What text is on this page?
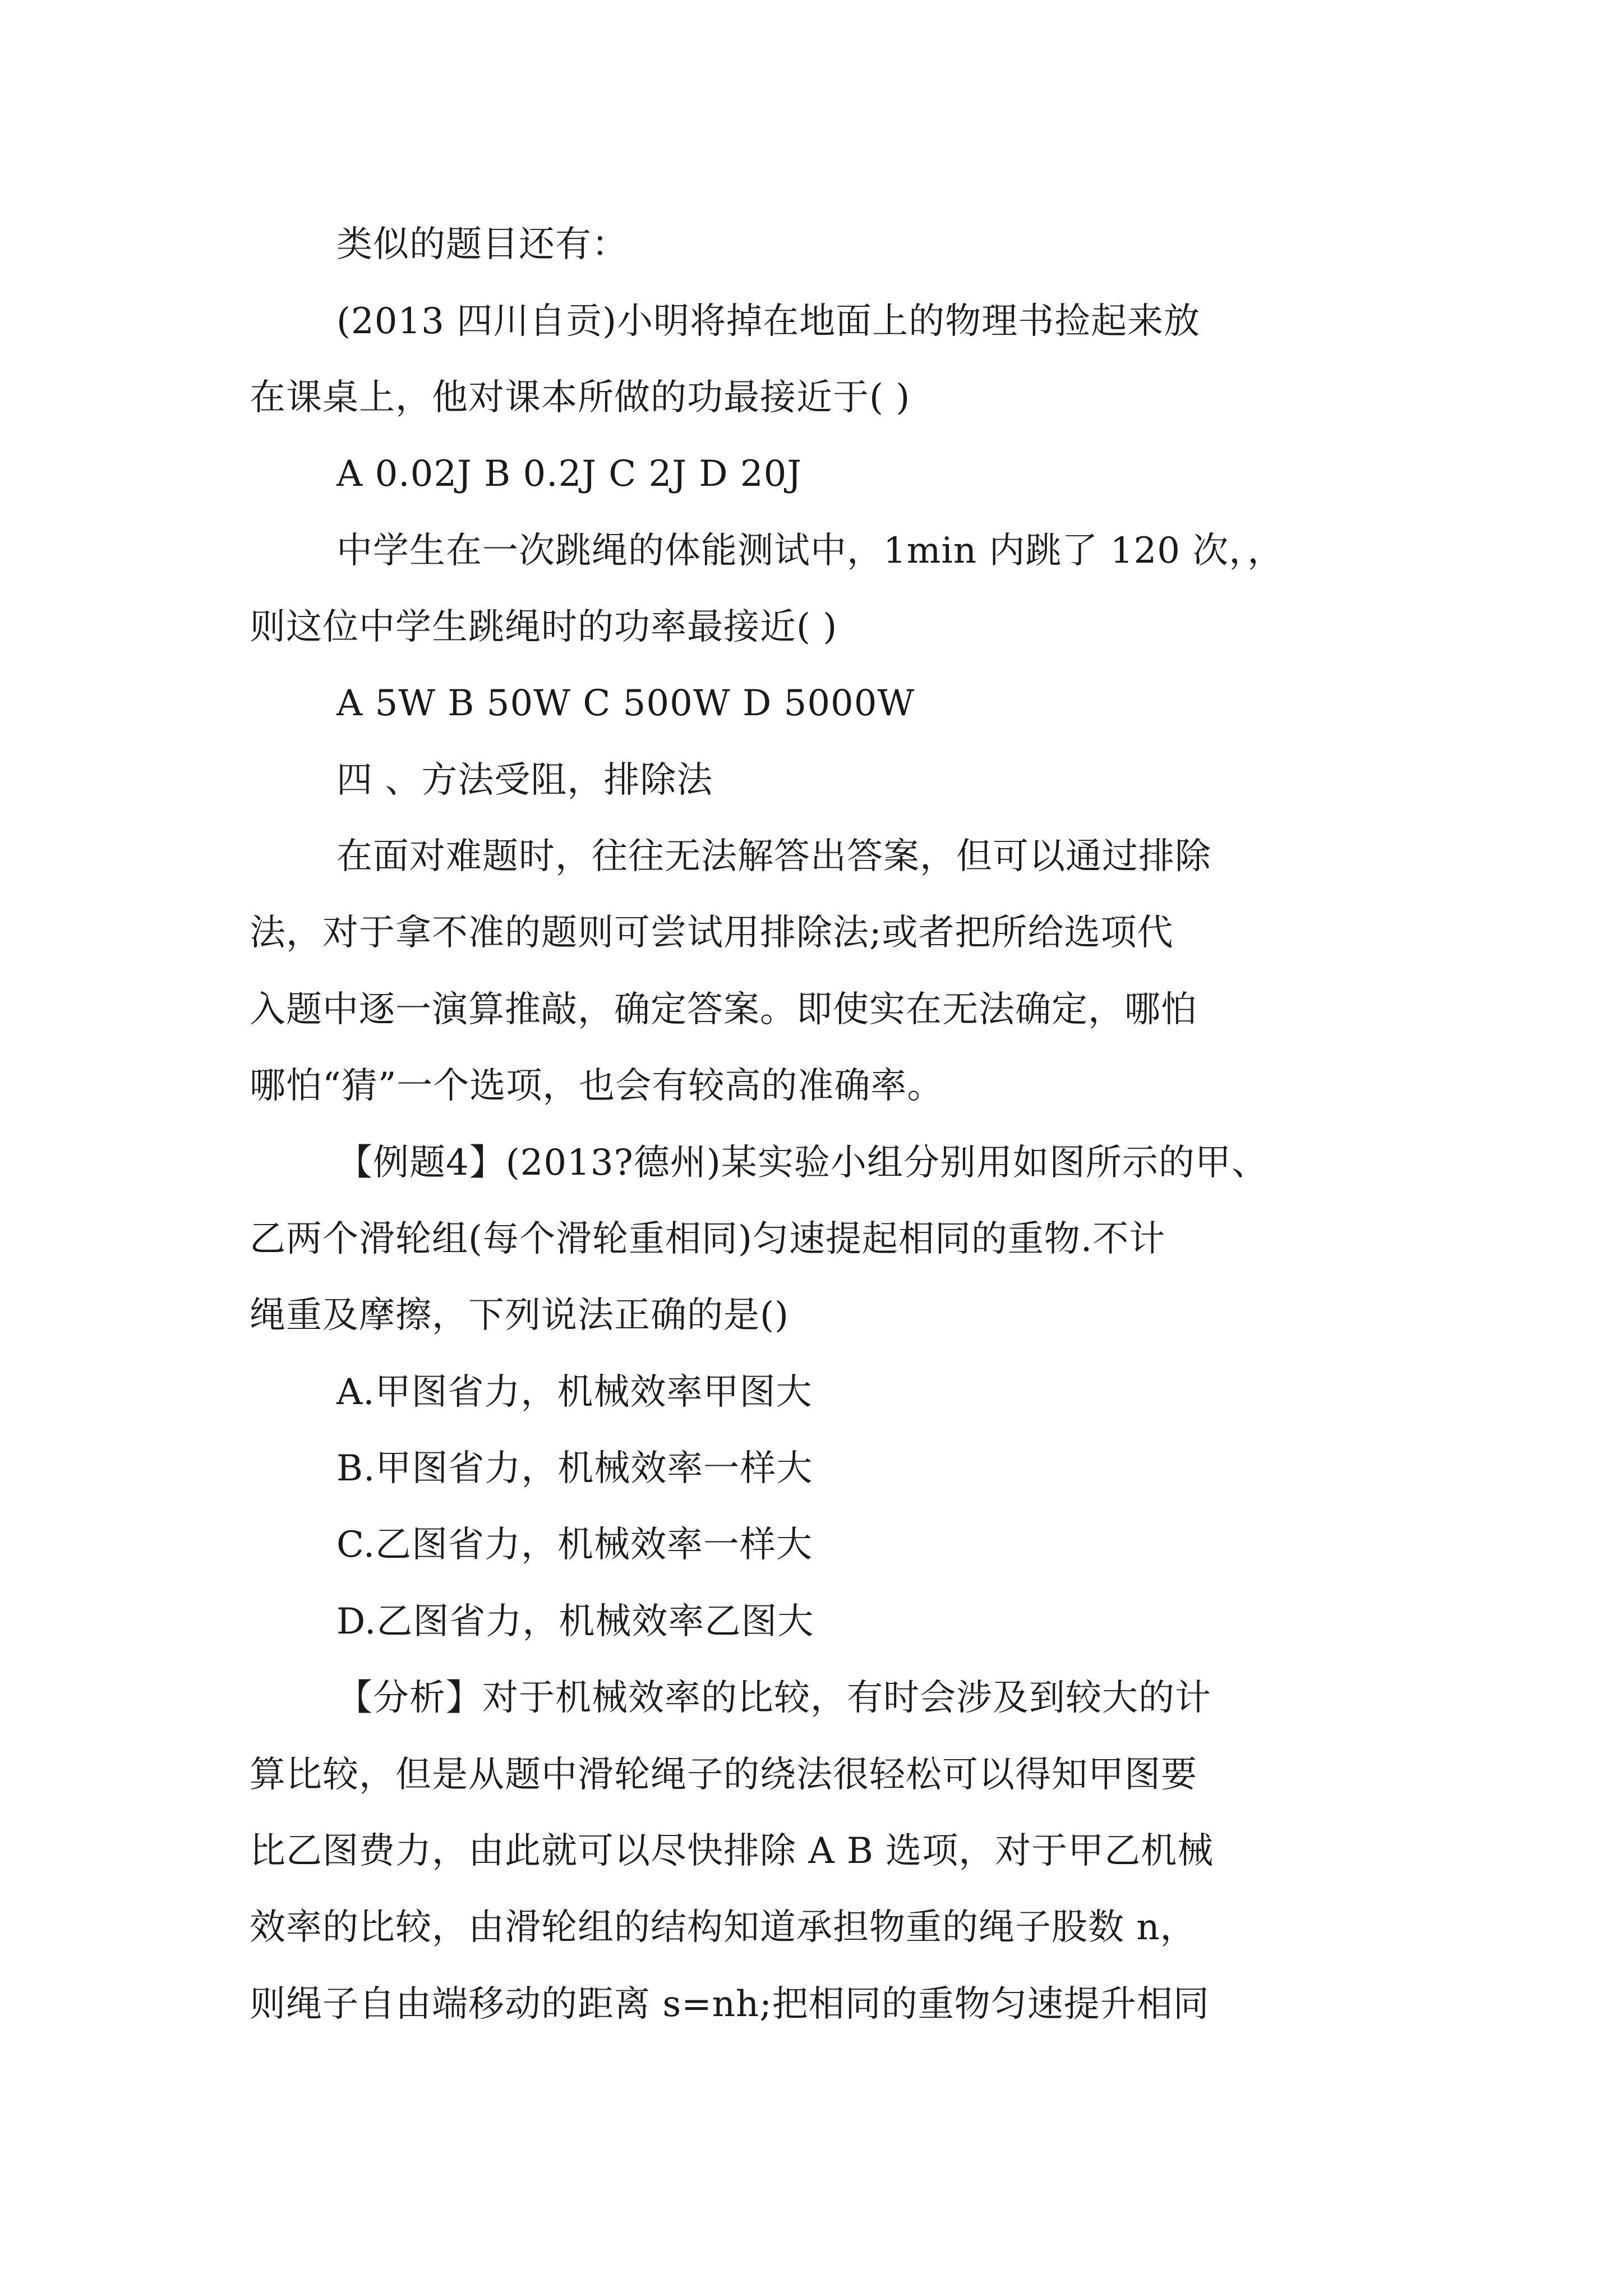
类似的题目还有：
(2013 四川自贡)小明将掉在地面上的物理书捡起来放
在课桌上，他对课本所做的功最接近于( )
A 0.02J B 0.2J C 2J D 20J
中学生在一次跳绳的体能测试中，1min 内跳了 120 次，，
则这位中学生跳绳时的功率最接近( )
A 5W B 50W C 500W D 5000W
四 、方法受阻，排除法
在面对难题时，往往无法解答出答案，但可以通过排除
法，对于拿不准的题则可尝试用排除法;或者把所给选项代
入题中逐一演算推敲，确定答案。即使实在无法确定，哪怕
哪怕“猜”一个选项，也会有较高的准确率。
【例题4】(2013?德州)某实验小组分别用如图所示的甲、
乙两个滑轮组(每个滑轮重相同)匀速提起相同的重物.不计
绳重及摩擦，下列说法正确的是()
A.甲图省力，机械效率甲图大
B.甲图省力，机械效率一样大
C.乙图省力，机械效率一样大
D.乙图省力，机械效率乙图大
【分析】对于机械效率的比较，有时会涉及到较大的计
算比较，但是从题中滑轮绳子的绕法很轻松可以得知甲图要
比乙图费力，由此就可以尽快排除 A B 选项，对于甲乙机械
效率的比较，由滑轮组的结构知道承担物重的绳子股数 n，
则绳子自由端移动的距离 s=nh;把相同的重物匀速提升相同
